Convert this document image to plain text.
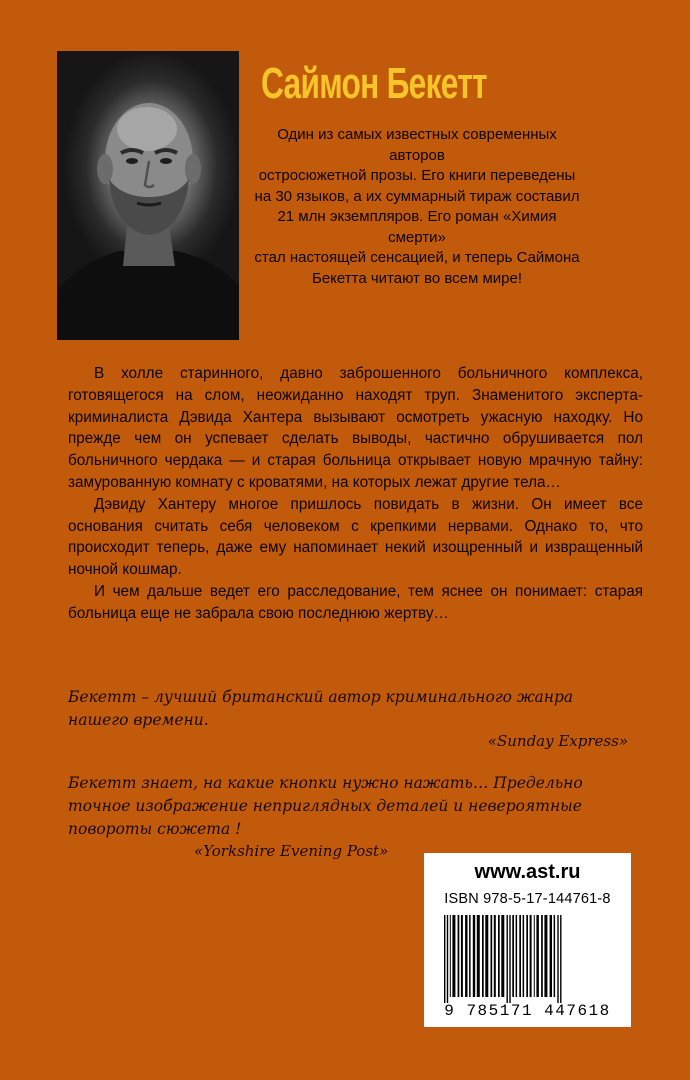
Саймон Бекетт
Один из самых известных современных авторов
остросюжетной прозы. Его книги переведены
на 30 языков, а их суммарный тираж составил
21 млн экземпляров. Его роман «Химия смерти»
стал настоящей сенсацией, и теперь Саймона
Бекетта читают во всем мире!

В холле старинного, давно заброшенного больничного комплекса, готовящегося на слом, неожиданно находят труп. Знаменитого эксперта-криминалиста Дэвида Хантера вызывают осмотреть ужасную находку. Но прежде чем он успевает сделать выводы, частично обрушивается пол больничного чердака — и старая больница открывает новую мрачную тайну: замурованную комнату с кроватями, на которых лежат другие тела…

Дэвиду Хантеру многое пришлось повидать в жизни. Он имеет все основания считать себя человеком с крепкими нервами. Однако то, что происходит теперь, даже ему напоминает некий изощренный и извращенный ночной кошмар.

И чем дальше ведет его расследование, тем яснее он понимает: старая больница еще не забрала свою последнюю жертву…

Бекетт – лучший британский автор криминального жанра
нашего времени.
«Sunday Express»
Бекетт знает, на какие кнопки нужно нажать… Предельно
точное изображение неприглядных деталей и невероятные
повороты сюжета !
«Yorkshire Evening Post»
www.ast.ru
ISBN 978-5-17-144761-8
9 785171 447618
